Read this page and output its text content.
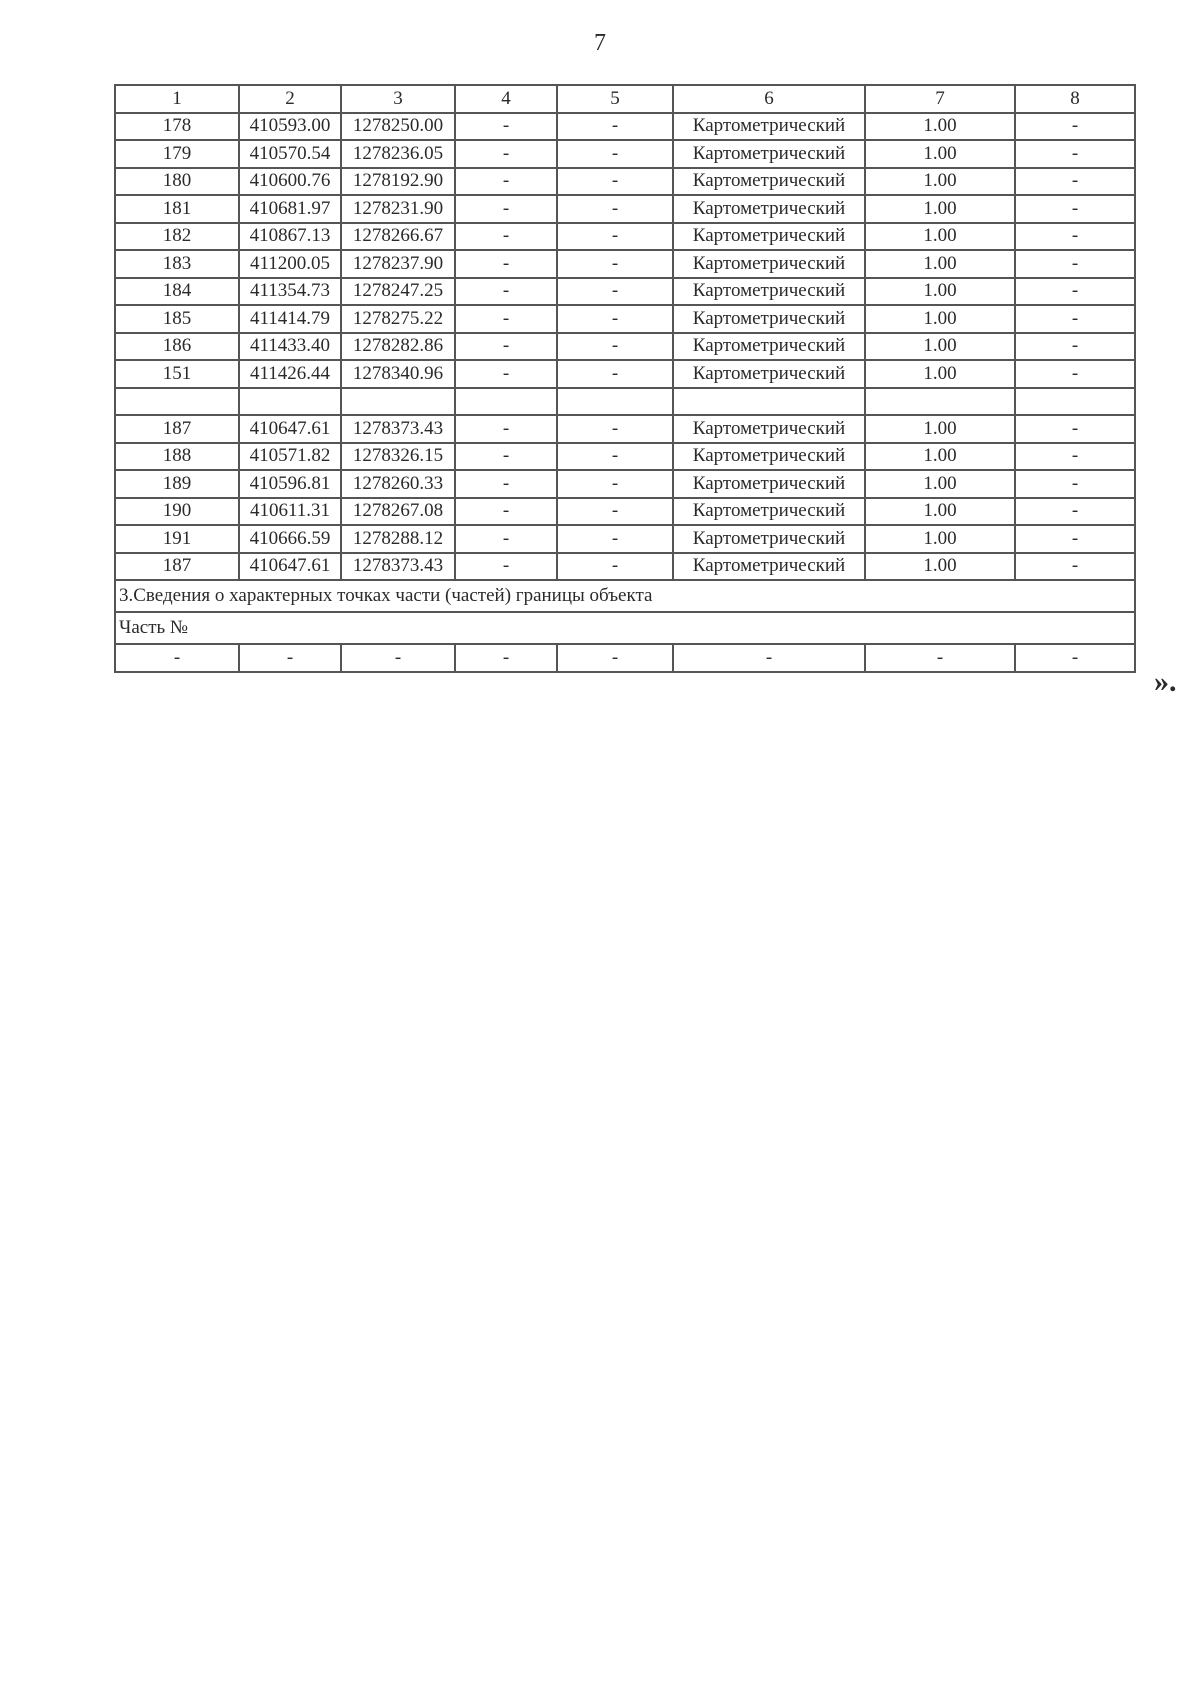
7
1	2	3	4	5	6	7	8
178	410593.00	1278250.00	-	-	Картометрический	1.00	-
179	410570.54	1278236.05	-	-	Картометрический	1.00	-
180	410600.76	1278192.90	-	-	Картометрический	1.00	-
181	410681.97	1278231.90	-	-	Картометрический	1.00	-
182	410867.13	1278266.67	-	-	Картометрический	1.00	-
183	411200.05	1278237.90	-	-	Картометрический	1.00	-
184	411354.73	1278247.25	-	-	Картометрический	1.00	-
185	411414.79	1278275.22	-	-	Картометрический	1.00	-
186	411433.40	1278282.86	-	-	Картометрический	1.00	-
151	411426.44	1278340.96	-	-	Картометрический	1.00	-

187	410647.61	1278373.43	-	-	Картометрический	1.00	-
188	410571.82	1278326.15	-	-	Картометрический	1.00	-
189	410596.81	1278260.33	-	-	Картометрический	1.00	-
190	410611.31	1278267.08	-	-	Картометрический	1.00	-
191	410666.59	1278288.12	-	-	Картометрический	1.00	-
187	410647.61	1278373.43	-	-	Картометрический	1.00	-
3.Сведения о характерных точках части (частей) границы объекта							
Часть №							
-	-	-	-	-	-	-	-
».
